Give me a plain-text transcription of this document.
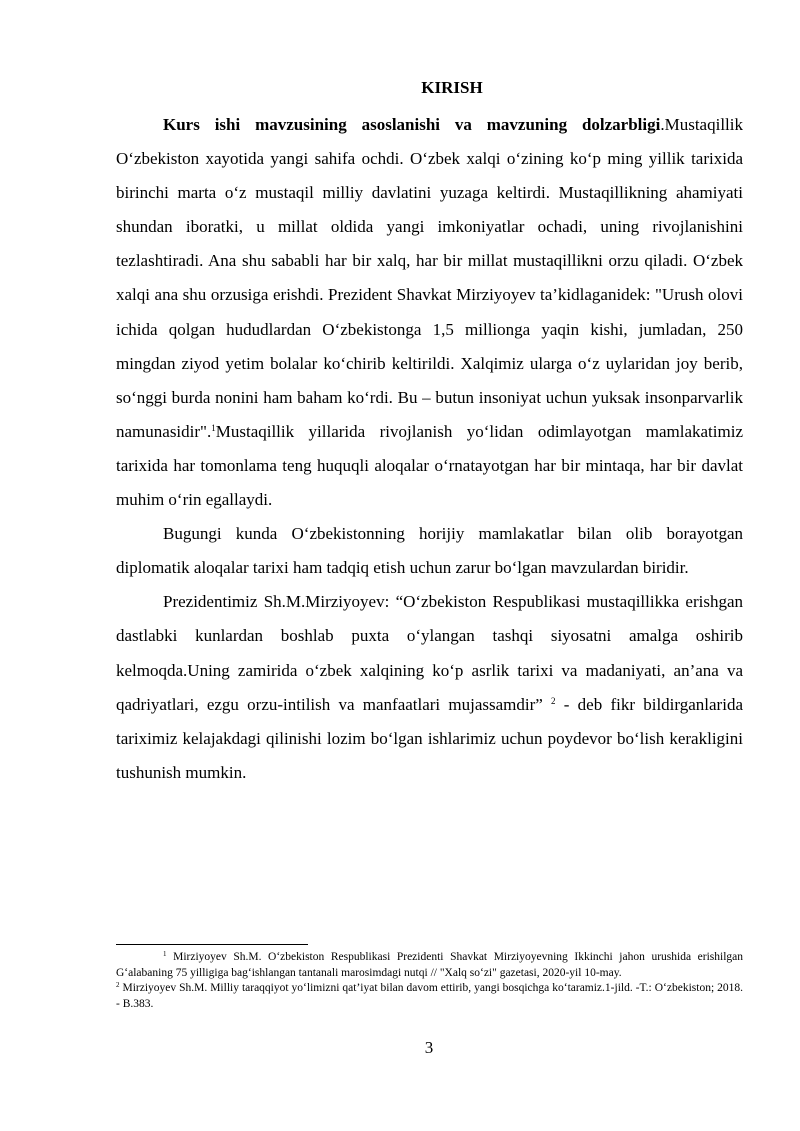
KIRISH

Kurs ishi mavzusining asoslanishi va mavzuning dolzarbligi.Mustaqillik O‘zbekiston xayotida yangi sahifa ochdi. O‘zbek xalqi o‘zining ko‘p ming yillik tarixida birinchi marta o‘z mustaqil milliy davlatini yuzaga keltirdi. Mustaqillikning ahamiyati shundan iboratki, u millat oldida yangi imkoniyatlar ochadi, uning rivojlanishini tezlashtiradi. Ana shu sababli har bir xalq, har bir millat mustaqillikni orzu qiladi. O‘zbek xalqi ana shu orzusiga erishdi. Prezident Shavkat Mirziyoyev ta’kidlaganidek: "Urush olovi ichida qolgan hududlardan O‘zbekistonga 1,5 millionga yaqin kishi, jumladan, 250 mingdan ziyod yetim bolalar ko‘chirib keltirildi. Xalqimiz ularga o‘z uylaridan joy berib, so‘nggi burda nonini ham baham ko‘rdi. Bu – butun insoniyat uchun yuksak insonparvarlik namunasidir".$^1$Mustaqillik yillarida rivojlanish yo‘lidan odimlayotgan mamlakatimiz tarixida har tomonlama teng huquqli aloqalar o‘rnatayotgan har bir mintaqa, har bir davlat muhim o‘rin egallaydi.

Bugungi kunda O‘zbekistonning horijiy mamlakatlar bilan olib borayotgan diplomatik aloqalar tarixi ham tadqiq etish uchun zarur bo‘lgan mavzulardan biridir.

Prezidentimiz Sh.M.Mirziyoyev: “O‘zbekiston Respublikasi mustaqillikka erishgan dastlabki kunlardan boshlab puxta o‘ylangan tashqi siyosatni amalga oshirib kelmoqda.Uning zamirida o‘zbek xalqining ko‘p asrlik tarixi va madaniyati, an’ana va qadriyatlari, ezgu orzu-intilish va manfaatlari mujassamdir” $^2$ - deb fikr bildirganlarida tariximiz kelajakdagi qilinishi lozim bo‘lgan ishlarimiz uchun poydevor bo‘lish kerakligini tushunish mumkin.

$^1$ Mirziyoyev Sh.M. O‘zbekiston Respublikasi Prezidenti Shavkat Mirziyoyevning Ikkinchi jahon urushida erishilgan G‘alabaning 75 yilligiga bag‘ishlangan tantanali marosimdagi nutqi // "Xalq so‘zi" gazetasi, 2020-yil 10-may.

$^2$ Mirziyoyev Sh.M. Milliy taraqqiyot yo‘limizni qat’iyat bilan davom ettirib, yangi bosqichga ko‘taramiz.1-jild. -T.: O‘zbekiston; 2018. - B.383.

3
